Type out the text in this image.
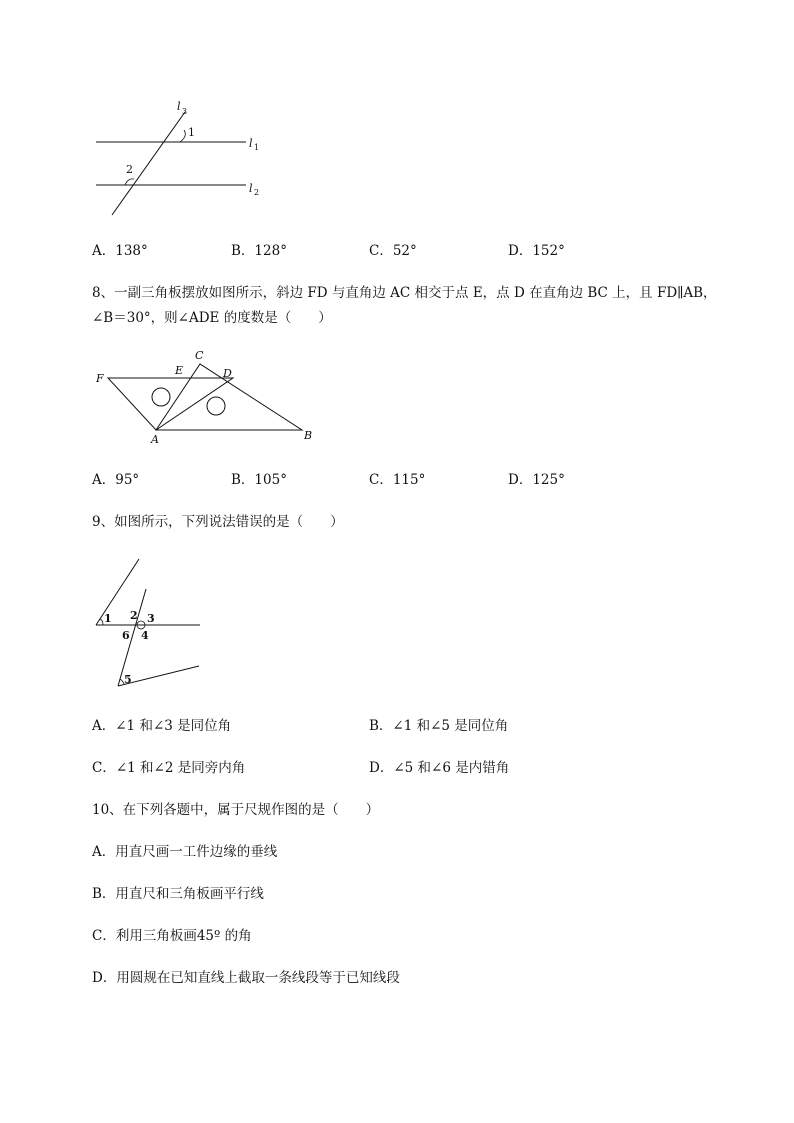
l 3
l 1
l 2
1
2
A．138°	B．128°	C．52°	D．152°
8、一副三角板摆放如图所示，斜边 FD 与直角边 AC 相交于点 E，点 D 在直角边 BC 上，且 FD∥AB，
∠B＝30°，则∠ADE 的度数是（　　）
F
E
C
D
A	B
A．95°	B．105°	C．115°	D．125°
9、如图所示，下列说法错误的是（　　）
1 2 3
4
6
5
A．∠1 和∠3 是同位角	B．∠1 和∠5 是同位角
C．∠1 和∠2 是同旁内角	D．∠5 和∠6 是内错角
10、在下列各题中，属于尺规作图的是（　　）
A．用直尺画一工件边缘的垂线
B．用直尺和三角板画平行线
C．利用三角板画45º 的角
D．用圆规在已知直线上截取一条线段等于已知线段
